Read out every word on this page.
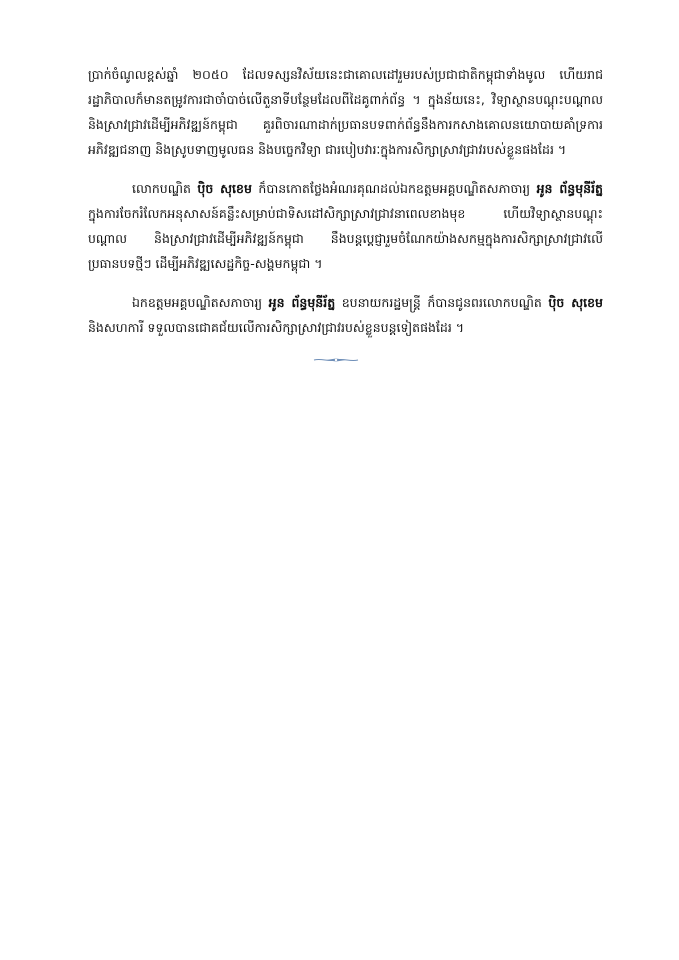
ប្រាក់ចំណូលខ្ពស់ឆ្នាំ ២០៥០ ដែលទស្សនវិស័យនេះជាគោលដៅរួមរបស់ប្រជាជាតិកម្ពុជាទាំងមូល ហើយរាជរដ្ឋាភិបាលក៏មានតម្រូវការជាចាំបាច់លើតួនាទីបន្ថែមដែលពីដៃគូពាក់ព័ន្ធ ។ ក្នុងន័យនេះ, វិទ្យាស្ថានបណ្តុះបណ្តាល និងស្រាវជ្រាវដើម្បីអភិវឌ្ឍន៍កម្ពុជា គួរពិចារណាដាក់ប្រធានបទពាក់ព័ន្ធនឹងការកសាងគោលនយោបាយគាំទ្រការអភិវឌ្ឍជនាញ និងស្រូបទាញមូលធន និងបច្ចេកវិទ្យា ជារបៀបវារៈក្នុងការសិក្សាស្រាវជ្រាវរបស់ខ្លួនផងដែរ ។

លោកបណ្ឌិត ប៉ិច សុខេម ក៏បានកោតថ្លែងអំណរគុណដល់ឯកឧត្តមអគ្គបណ្ឌិតសភាចារ្យ អូន ព័ន្ធមុនីរ័ត្ន ក្នុងការចែករំលែកអនុសាសន៍គន្លឹះសម្រាប់ជាទិសដៅសិក្សាស្រាវជ្រាវនាពេលខាងមុខ ហើយវិទ្យាស្ថានបណ្តុះបណ្តាល និងស្រាវជ្រាវដើម្បីអភិវឌ្ឍន៍កម្ពុជា នឹងបន្តប្តេជ្ញារួមចំណែកយ៉ាងសកម្មក្នុងការសិក្សាស្រាវជ្រាវលើប្រធានបទថ្មីៗ ដើម្បីអភិវឌ្ឍសេដ្ឋកិច្ច-សង្គមកម្ពុជា ។

ឯកឧត្តមអគ្គបណ្ឌិតសភាចារ្យ អូន ព័ន្ធមុនីរ័ត្ន ឧបនាយករដ្ឋមន្ត្រី ក៏បានជូនពរលោកបណ្ឌិត ប៉ិច សុខេម និងសហការី ទទួលបានជោគជ័យលើការសិក្សាស្រាវជ្រាវរបស់ខ្លួនបន្តទៀតផងដែរ ។
